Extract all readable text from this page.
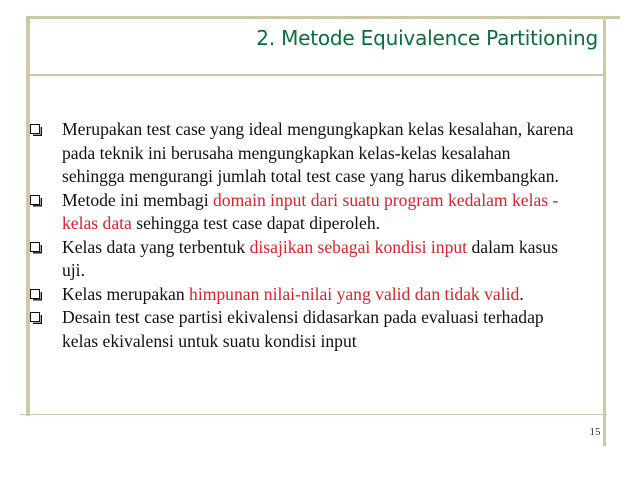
2. Metode Equivalence Partitioning
Merupakan test case yang ideal mengungkapkan kelas kesalahan, karena pada teknik ini berusaha mengungkapkan kelas-kelas kesalahan sehingga mengurangi jumlah total test case yang harus dikembangkan.
Metode ini membagi domain input dari suatu program kedalam kelas - kelas data sehingga test case dapat diperoleh.
Kelas data yang terbentuk disajikan sebagai kondisi input dalam kasus uji.
Kelas merupakan himpunan nilai-nilai yang valid dan tidak valid.
Desain test case partisi ekivalensi didasarkan pada evaluasi terhadap kelas ekivalensi untuk suatu kondisi input
15
